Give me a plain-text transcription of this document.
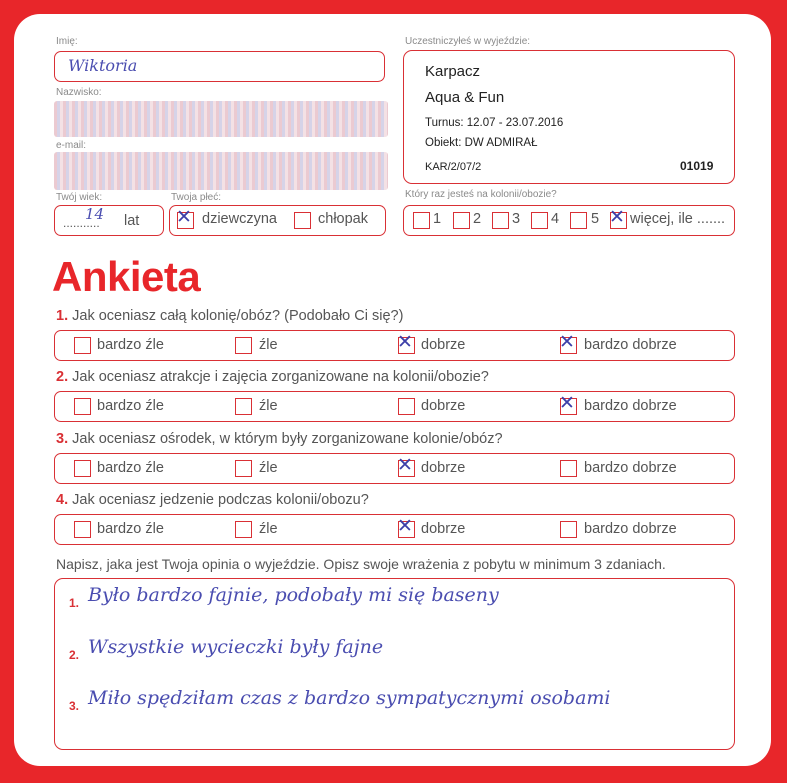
Imię:
Wiktoria
Nazwisko:
e-mail:
Uczestniczyłeś w wyjeździe:
Karpacz
Aqua & Fun
Turnus: 12.07 - 23.07.2016
Obiekt: DW ADMIRAŁ
KAR/2/07/2	01019
Twój wiek:
...........
14 lat
Twoja płeć:	Który raz jesteś na kolonii/obozie?
Ankieta
Napisz, jaka jest Twoja opinia o wyjeździe. Opisz swoje wrażenia z pobytu w minimum 3 zdaniach.
✕ dziewczyna	chłopak	1 2 3 4 5 ✕ więcej, ile .......
1. Jak oceniasz całą kolonię/obóz? (Podobało Ci się?)
bardzo źle	źle	✕ dobrze	✕ bardzo dobrze
2. Jak oceniasz atrakcje i zajęcia zorganizowane na kolonii/obozie?
bardzo źle	źle	dobrze	✕ bardzo dobrze
3. Jak oceniasz ośrodek, w którym były zorganizowane kolonie/obóz?
bardzo źle	źle	✕ dobrze	bardzo dobrze
4. Jak oceniasz jedzenie podczas kolonii/obozu?
bardzo źle	źle	✕ dobrze	bardzo dobrze
1. Było bardzo fajnie, podobały mi się baseny
2. Wszystkie wycieczki były fajne
3. Miło spędziłam czas z bardzo sympatycznymi osobami
